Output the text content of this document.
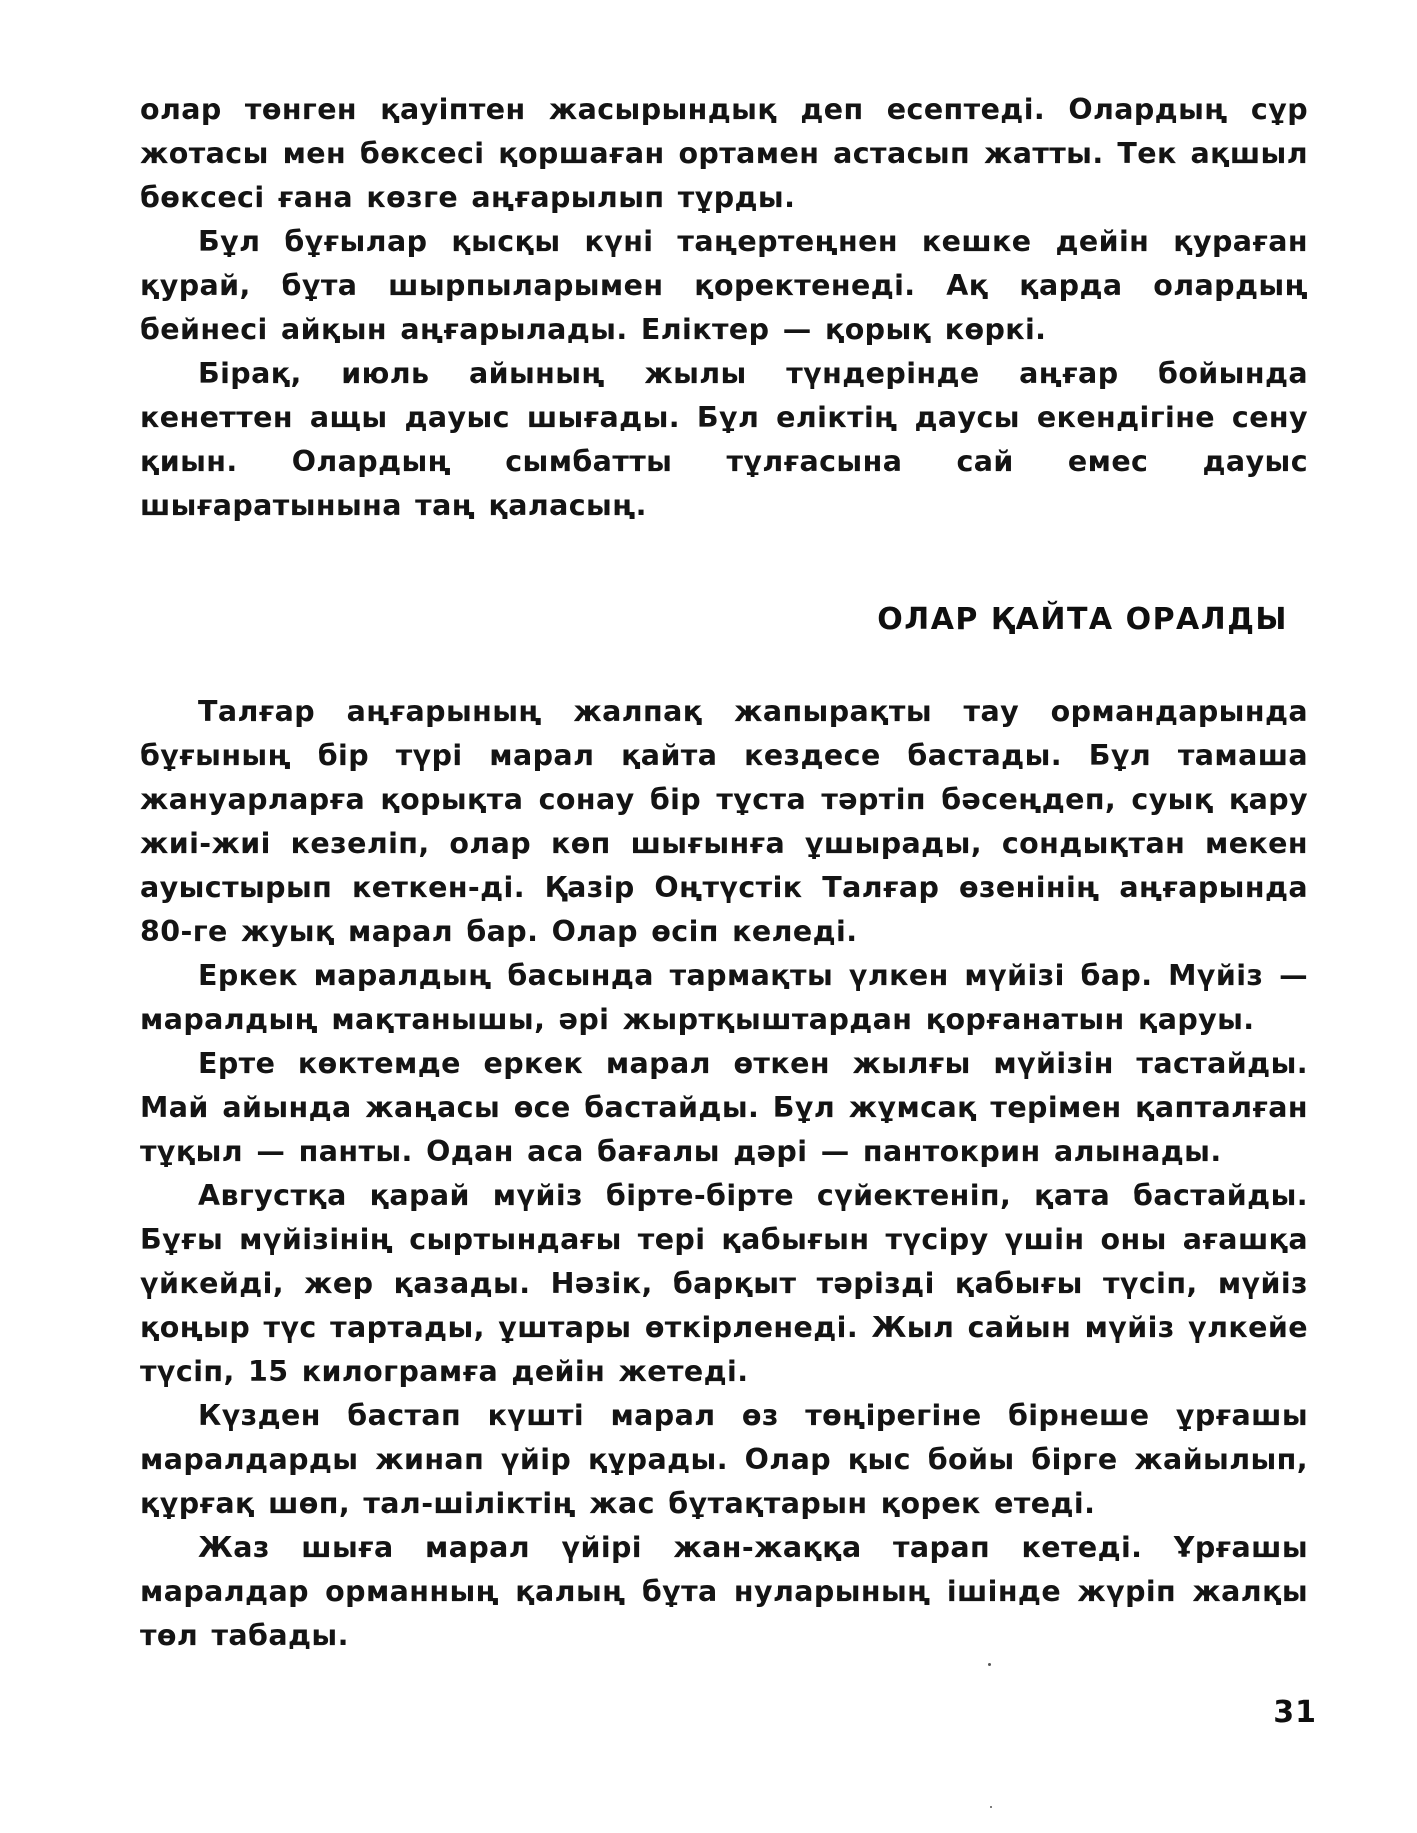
олар төнген қауiптен жасырындық деп есептедi. Олардың сұр жотасы мен бөксесi қоршаған ортамен астасып жатты. Тек ақшыл бөксесi ғана көзге аңғарылып тұрды.

Бұл бұғылар қысқы күнi таңертеңнен кешке дейiн қураған қурай, бұта шырпыларымен қоректенедi. Ақ қарда олардың бейнесi айқын аңғарылады. Елiктер — қорық көркi.

Бiрақ, июль айының жылы түндерiнде аңғар бойында кенеттен ащы дауыс шығады. Бұл елiктiң даусы екендiгiне сену қиын. Олардың сымбатты тұлғасына сай емес дауыс шығаратынына таң қаласың.

ОЛАР ҚАЙТА ОРАЛДЫ

Талғар аңғарының жалпақ жапырақты тау ормандарында бұғының бiр түрi марал қайта кездесе бастады. Бұл тамаша жануарларға қорықта сонау бiр тұста тәртiп бәсеңдеп, суық қару жиi-жиi кезелiп, олар көп шығынға ұшырады, сондықтан мекен ауыстырып кеткен-дi. Қазiр Оңтүстiк Талғар өзенiнiң аңғарында 80-ге жуық марал бар. Олар өсiп келедi.

Еркек маралдың басында тармақты үлкен мүйiзi бар. Мүйiз — маралдың мақтанышы, әрi жыртқыштардан қорғанатын қаруы.

Ерте көктемде еркек марал өткен жылғы мүйiзiн тастайды. Май айында жаңасы өсе бастайды. Бұл жұмсақ терiмен қапталған тұқыл — панты. Одан аса бағалы дәрi — пантокрин алынады.

Августқа қарай мүйiз бiрте-бiрте сүйектенiп, қата бастайды. Бұғы мүйiзiнiң сыртындағы терi қабығын түсiру үшiн оны ағашқа үйкейдi, жер қазады. Нәзiк, барқыт тәрiздi қабығы түсiп, мүйiз қоңыр түс тартады, ұштары өткiрленедi. Жыл сайын мүйiз үлкейе түсiп, 15 килограмға дейiн жетедi.

Күзден бастап күштi марал өз төңiрегiне бiрнеше ұрғашы маралдарды жинап үйiр құрады. Олар қыс бойы бiрге жайылып, құрғақ шөп, тал-шiлiктiң жас бұтақтарын қорек етедi.

Жаз шыға марал үйiрi жан-жаққа тарап кетедi. Ұрғашы маралдар орманның қалың бұта нуларының iшiнде жүрiп жалқы төл табады.

31
